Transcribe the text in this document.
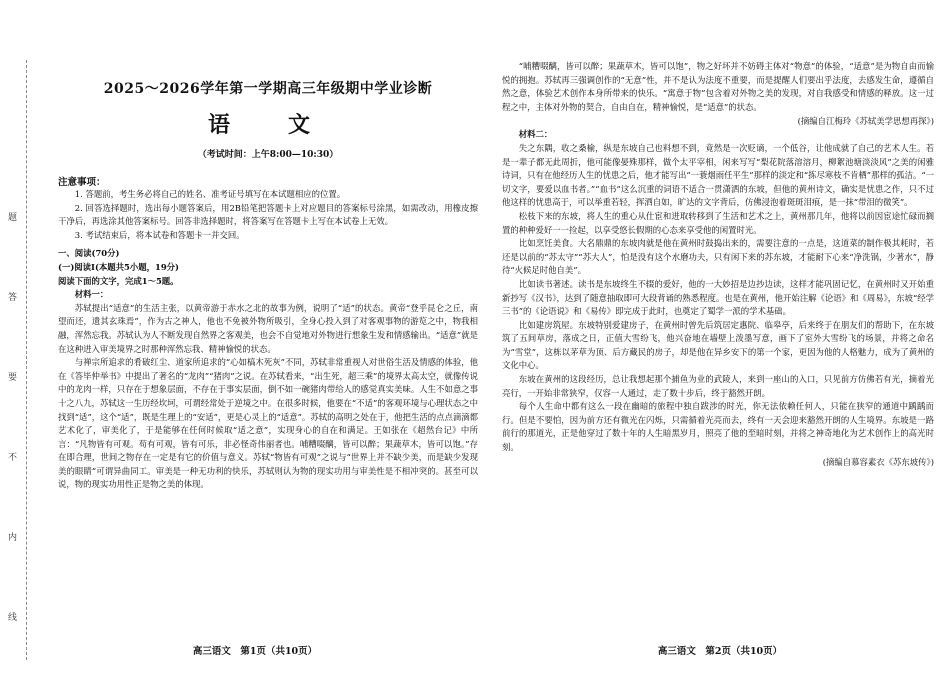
题
答
要
不
内
线
2025～2026学年第一学期高三年级期中学业诊断
语　文
（考试时间：上午8:00—10:30）
注意事项：

1. 答题前，考生务必将自己的姓名、准考证号填写在本试题相应的位置。

2. 回答选择题时，选出每小题答案后，用2B铅笔把答题卡上对应题目的答案标号涂黑，如需改动，用橡皮擦干净后，再选涂其他答案标号。回答非选择题时，将答案写在答题卡上写在本试卷上无效。

3. 考试结束后，将本试卷和答题卡一并交回。

一、阅读(70分)

(一)阅读Ⅰ(本题共5小题，19分)

阅读下面的文字，完成1～5题。

材料一：

苏轼提出“适意”的生活主张，以黄帝游于赤水之北的故事为例，说明了“适”的状态。黄帝“登乎昆仑之丘，南望而还，遗其玄珠焉”，作为古之神人，他也不免被外物所吸引，全身心投入到了对客观事物的游览之中，物我相融，浑然忘我。苏轼认为人不断发现自然界之客观美，也会不自觉地对外物进行想象生发和情感输出。“适意”就是在这种进入审美境界之时那种浑然忘我、精神愉悦的状态。

与禅宗所追求的肴破红尘、道家所追求的“心如槁木死灰”不同，苏轼非常重视人对世俗生活及情感的体验，他在《答毕仲举书》中提出了著名的“龙肉”“猪肉”之说。在苏轼看来，“出生死，超三乘”的境界太高太空，就像传说中的龙肉一样，只存在于想象层面，不存在于事实层面，倒不如一碗猪肉带给人的感觉真实美味。人生不如意之事十之八九，苏轼这一生历经坎坷，可谓经常处于逆境之中。在很多时候，他要在“不适”的客观环境与心理状态之中找到“适”，这个“适”，既是生理上的“安适”，更是心灵上的“适意”。苏轼的高明之处在于，他把生活的点点滴滴都艺术化了，审美化了，于是能够在任何时候取“适之意”，实现身心的自在和满足。王如张在《超然台记》中所言：“凡物皆有可观。苟有可观，皆有可乐，非必怪奇伟丽者也。哺糟啜醨，皆可以醉；果蔬草木，皆可以饱。”存在即合理，世间之物存在一定是有它的价值与意义。苏轼“物皆有可观”之说与“世界上并不缺少美，而是缺少发现美的眼睛”可谓异曲同工。审美是一种无功利的快乐，苏轼则认为物的现实功用与审美性是不相冲突的。甚至可以说，物的现实功用性正是物之美的体现。

高三语文　第1页（共10页）

“哺糟啜醨，皆可以醉；果蔬草木，皆可以饱”，物之好坏并不妨碍主体对“物意”的体验，“适意”是为物自由而愉悦的拥抱。苏轼再三强调创作的“无意”性，并不是认为法度不重要，而是提醒人们要出乎法度，去感发生命，遵循自然之意，体验艺术创作本身所带来的快乐。“寓意于物”包含着对外物之美的发现，对自我感受和情感的释放。这一过程之中，主体对外物的契合，自由自在，精神愉悦，是“适意”的状态。

(摘编自江梅玲《苏轼美学思想再探》)

材料二：

失之东隅，收之桑榆，纵是东坡自己也料想不到，竟然是一次贬谪，一个低谷，让他成就了自己的艺术人生。若是一辈子都无此周折，他可能像晏殊那样，做个太平宰相，闲来写写“梨花院落溶溶月，柳絮池塘淡淡风”之美的闲雅诗词，只有在他经历人生的忧患之后，他才能写出“一蓑烟雨任平生”那样的淡定和“拣尽寒枝不肯栖”那样的孤洁。“一切文字，要爱以血书者。”“血书”这么沉重的词语不适合一贯潇洒的东坡，但他的黄州诗文，确实是忧患之作，只不过他这样的忧患高于，可以举重若轻，挥洒自如，旷达的文字背后，仿佛浸泡着斑斑泪痕，是一抹“带泪的微笑”。

松枝下来的东坡，将人生的重心从仕宦和进取转移到了生活和艺术之上，黄州那几年，他将以前因宦途忙碌而搁置的种种爱好一一捡起，以享受悠长假期的心态来享受他的闲置时光。

比如烹饪美食。大名鼎鼎的东坡肉就是他在黄州时鼓捣出来的，需要注意的一点是，这道菜的制作极其耗时，若还是以前的“苏太守”“苏大人”，怕是没有这个水磨功夫，只有闲下来的苏东坡，才能耐下心来“净洗锅，少著水”，静待“火候足时他自美”。

比如读书著述。读书是东坡终生不辍的爱好，他的一大妙招是边抄边读，这样才能巩固记忆，在黄州时又开始重新抄写《汉书》，达到了随意抽取即可大段背诵的熟悉程度。也是在黄州，他开始注解《论语》和《周易》，东坡“经学三书”的《论语说》和《易传》即完成于此时，也奠定了蜀学一派的学术基础。

比如建房筑屋。东坡特别爱建房子，在黄州时曾先后筑居定惠院、临皋亭，后来终于在朋友们的帮助下，在东坡筑了五间草房，落成之日，正值大雪纷飞，他兴奋地在墙壁上泼墨写意，画下了室外大雪纷飞的场景，并将之命名为“雪堂”，这栋以茅草为顶、后方藏民的房子，却是他在异乡安下的第一个家，更因为他的人格魅力，成为了黄州的文化中心。

东坡在黄州的这段经历，总让我想起那个捕鱼为业的武陵人，来到一座山的入口，只见前方仿佛若有光，摘着光亮行，一开始非常狭窄，仅容一人通过，走了数十步后，终于豁然开朗。

每个人生命中都有这么一段在幽暗的旅程中独自跋涉的时光，你无法依赖任何人，只能在狭窄的通道中踽踽而行。但是不要怕，因为前方还有微光在闪烁，只需循着光亮而去，终有一天会迎来豁然开朗的人生境界。东坡是一路前行的那道光，正是他穿过了数十年的人生暗黑岁月，照亮了他的至暗时刻，并将之神奇地化为艺术创作上的高光时刻。

(摘编自慕容素衣《苏东坡传》)
高三语文　第2页（共10页）
